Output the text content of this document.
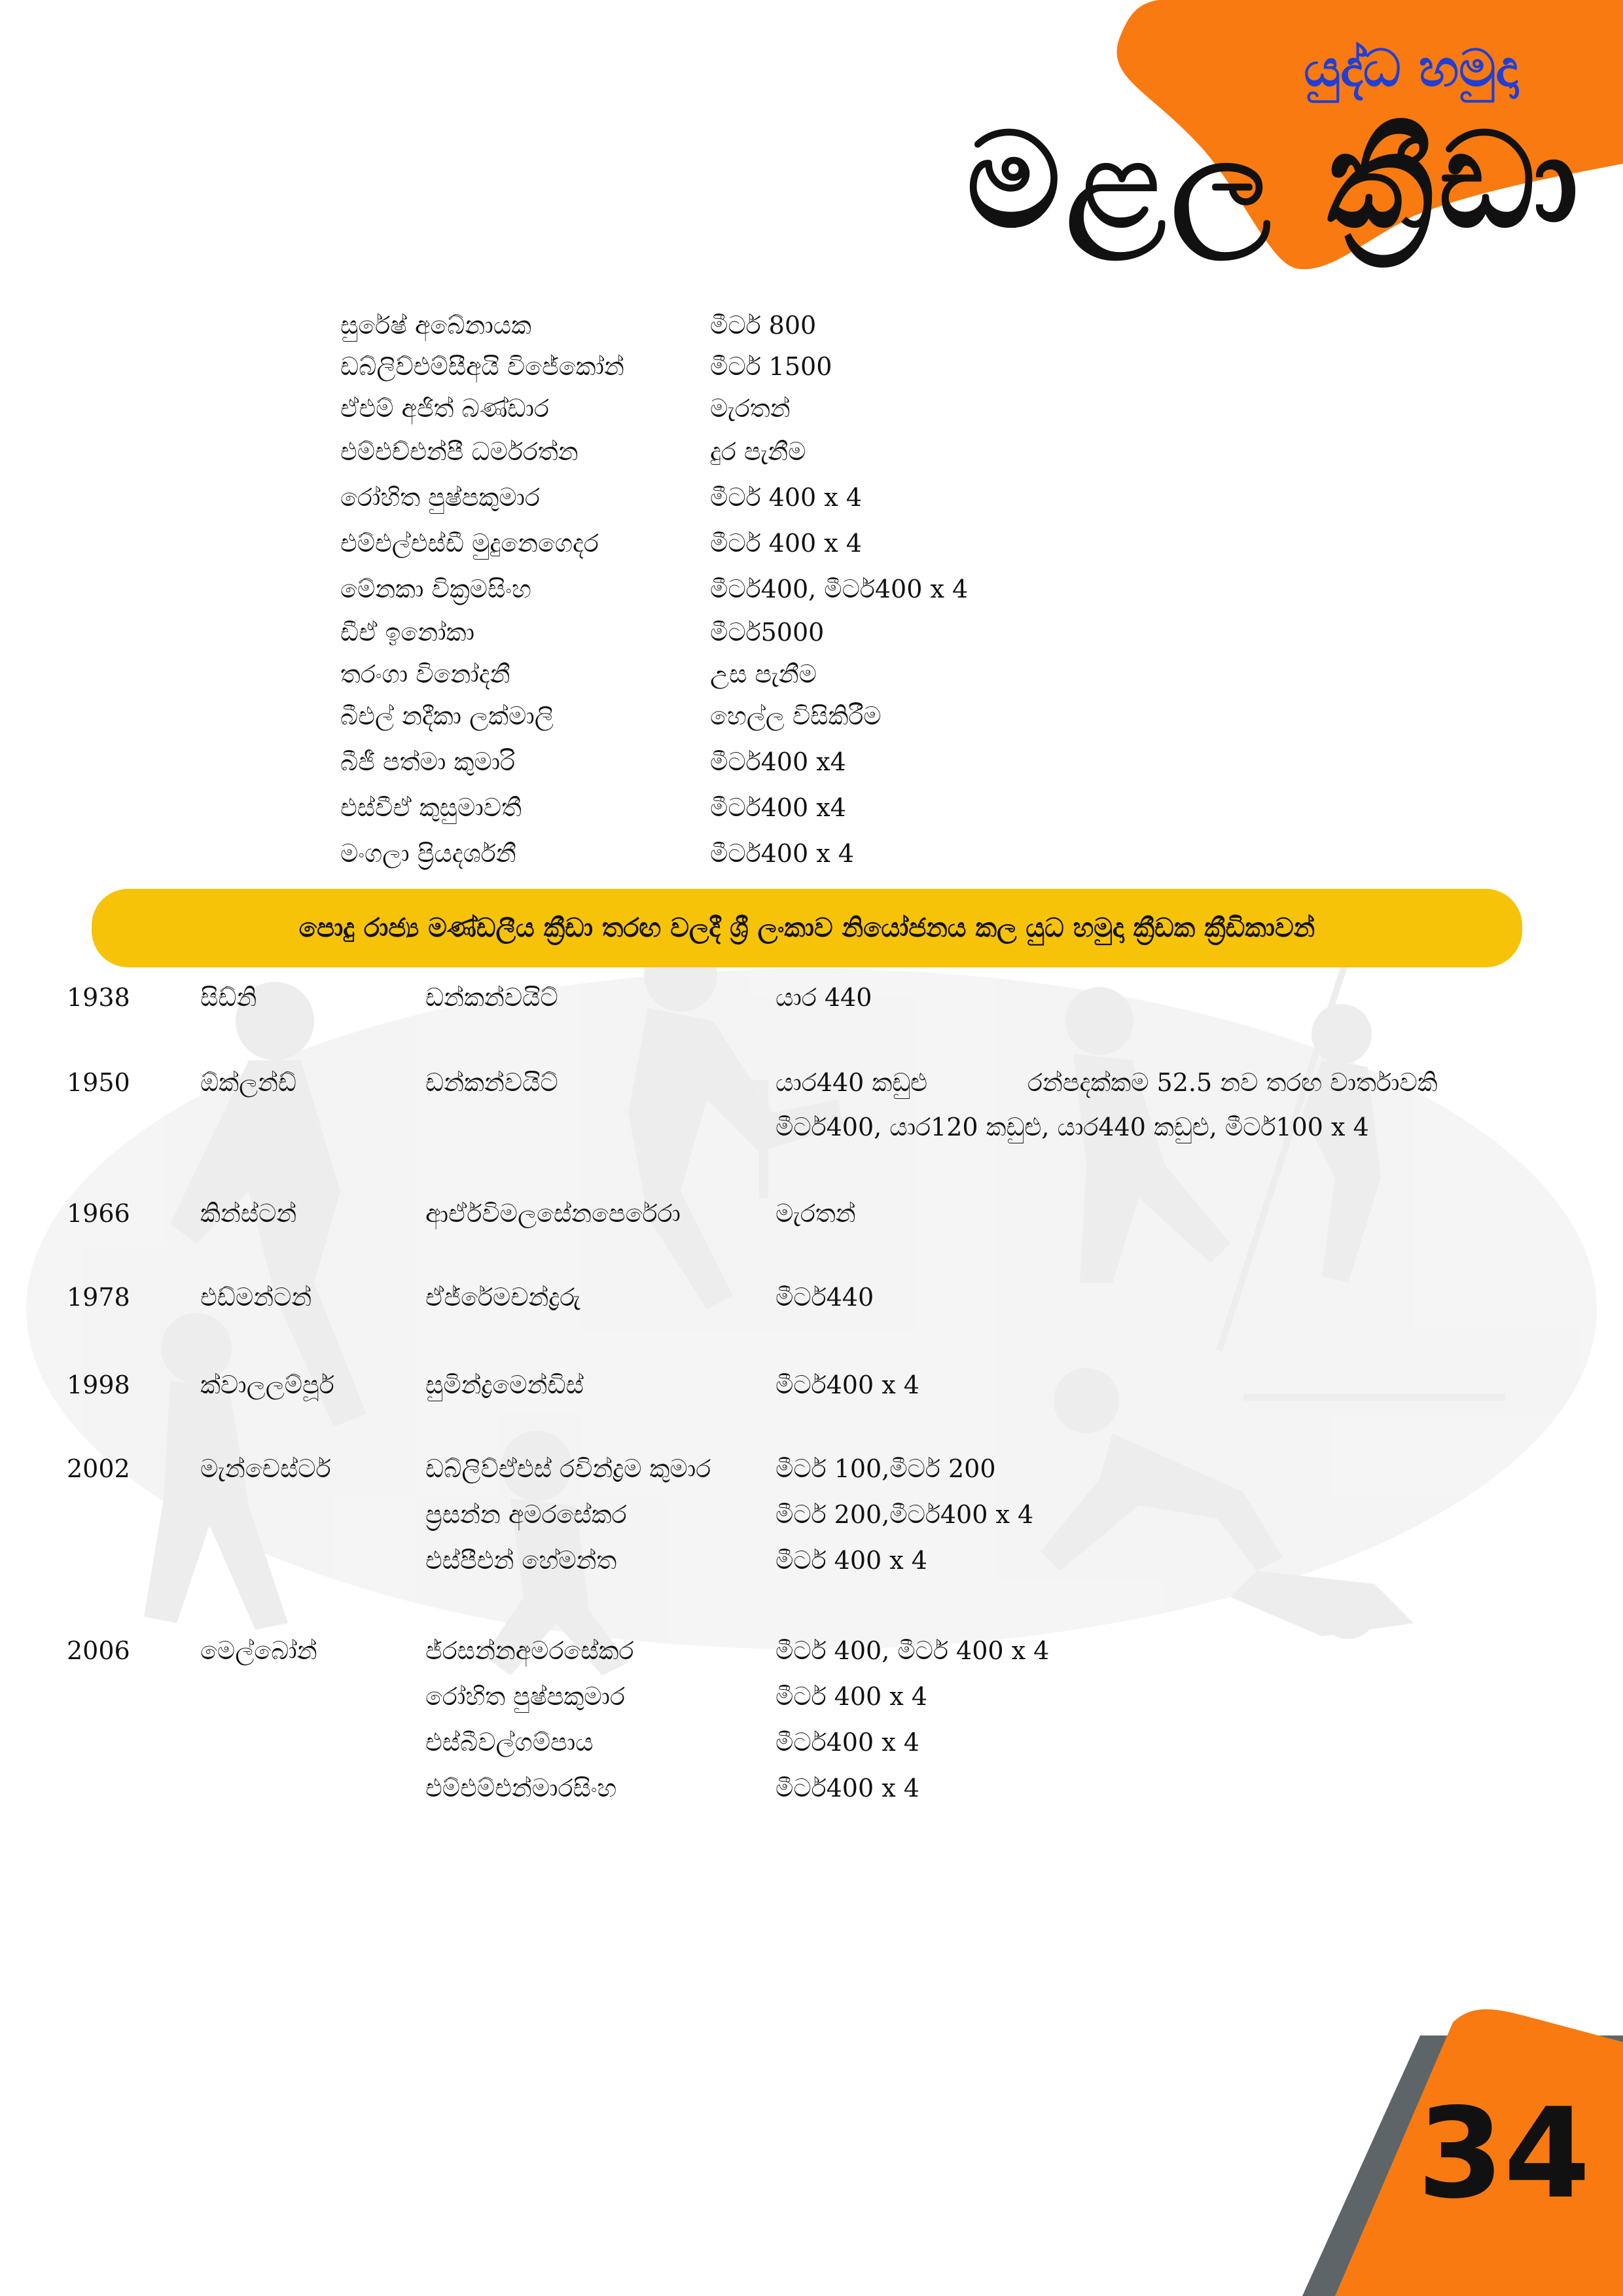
යුද්ධ හමුදා
මළල ක්‍රීඩා
සුරේෂ් අබේනායක	මීටර් 800
ඩබ්ලිව්එම්සීඅයි විජේකෝන්	මීටර් 1500
ඒඑම් අජිත් බණ්ඩාර	මැරතන්
එම්එච්එන්පී ධර්මරත්න	දුර පැනීම
රෝහිත පුෂ්පකුමාර	මීටර් 400 x 4
එම්එල්එස්ඩී මුදුනෙගෙදර	මීටර් 400 x 4
මේනකා වික්‍රමසිංහ	මීටර්400, මීටර්400 x 4
ඩීඒ ඉනෝකා	මීටර්5000
තරංගා විනෝදනී	උස පැනීම
බීඑල් නදීකා ලක්මාලි	හෙල්ල විසිකිරීම
බීජී පත්මා කුමාරි	මීටර්400 x4
එස්වීඒ කුසුමාවතී	මීටර්400 x4
මංගලා ප්‍රියදර්ශනී	මීටර්400 x 4
පොදු රාජ්‍ය මණ්ඩලීය ක්‍රීඩා තරඟ වලදී ශ්‍රී ලංකාව නියෝජනය කල යුධ හමුදා ක්‍රීඩක ක්‍රීඩිකාවන්
1938	සිඩ්නි	ඩන්කන්වයිට්	යාර 440
1950	ඕක්ලන්ඩ්	ඩන්කන්වයිට්	යාර440 කඩුළු	රන්පදක්කම 52.5 නව තරඟ වාර්තාවකි
මීටර්400, යාර120 කඩුළු, යාර440 කඩුළු, මීටර්100 x 4
1966	කින්ස්ටන්	ආර්ඒවිමලසේනපෙරේරා	මැරතන්
1978	එඩ්මන්ටන්	ඒජ්රේමචන්ද්‍රරු	මීටර්440
1998	ක්වාලලම්පූර්	සුමින්ද්‍රමෙන්ඩිස්	මීටර්400 x 4
2002	මැන්චෙස්ටර්	ඩබ්ලිව්ඒඑස් රවින්ද්‍රම කුමාර	මීටර් 100,මීටර් 200
ප්‍රසන්න අමරසේකර	මීටර් 200,මීටර්400 x 4
එස්පීඑන් හේමන්ත	මීටර් 400 x 4
2006	මෙල්බෝන්	ජ්රසන්නඅමරසේකර	මීටර් 400, මීටර් 400 x 4
රෝහිත පුෂ්පකුමාර	මීටර් 400 x 4
එස්බීවල්ගම්පාය	මීටර්400 x 4
එම්එම්එන්මාරසිංහ	මීටර්400 x 4
34
